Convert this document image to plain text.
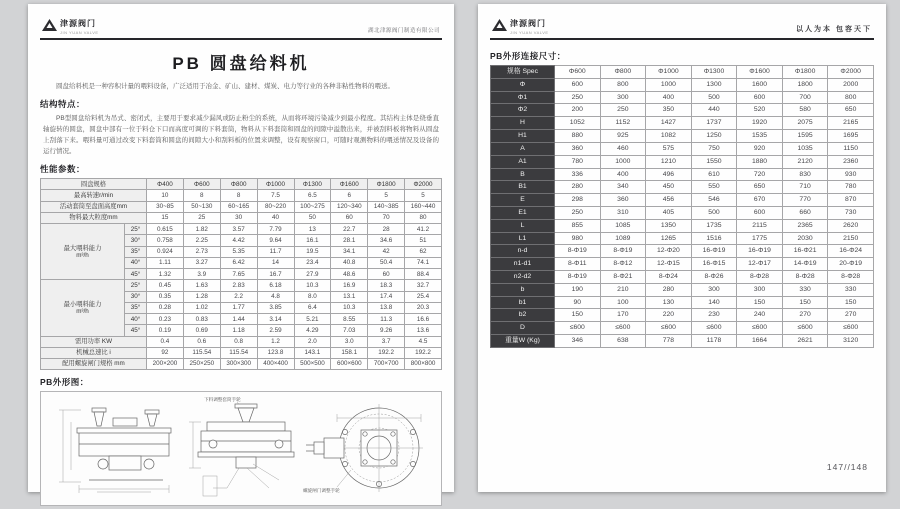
津源阀门
JIN YUAN VALVE	湖北津源阀门制造有限公司
PB 圆盘给料机
圆盘给料机是一种容积计量的喂料设备，广泛适用于冶金、矿山、建材、煤炭、电力等行业的各种非粘性物料的喂送。
结构特点：
PB型圆盘给料机为吊式、密闭式，主要用于要求减少漏风或防止粉尘的系统，从而将环境污染减少到最小程度。其结构主体是绕垂直轴旋转的圆盘，圆盘中部有一位于料仓下口而高度可调的下料套筒，物料从下料套筒和圆盘的间隙中溢散出来，并被刮料板将物料从圆盘上刮落下来。喂料量可通过改变下料套筒和圆盘的间隙大小和刮料板的位置来调整，设有观察窗口，可随时观测物料的喂送情况及设备的运行情况。
性能参数：
圆盘规格		Φ400	Φ600	Φ800	Φ1000	Φ1300	Φ1600	Φ1800	Φ2000
最高转速r/min		10	8	8	7.5	6.5	6	5	5
活动套筒至盘面高度mm		30~85	50~130	60~165	80~220	100~275	120~340	140~385	160~440
物料最大粒度mm		15	25	30	40	50	60	70	80

最大喂料能力
m³/h	25°	0.615	1.82	3.57	7.79	13	22.7	28	41.2
	30°	0.758	2.25	4.42	9.64	16.1	28.1	34.6	51
	35°	0.924	2.73	5.35	11.7	19.5	34.1	42	62
	40°	1.11	3.27	6.42	14	23.4	40.8	50.4	74.1
	45°	1.32	3.9	7.65	16.7	27.9	48.6	60	88.4

最小喂料能力
m³/h	25°	0.45	1.63	2.83	6.18	10.3	16.9	18.3	32.7
	30°	0.35	1.28	2.2	4.8	8.0	13.1	17.4	25.4
	35°	0.28	1.02	1.77	3.85	6.4	10.3	13.8	20.3
	40°	0.23	0.83	1.44	3.14	5.21	8.55	11.3	16.6
	45°	0.19	0.69	1.18	2.59	4.29	7.03	9.26	13.6
需用功率 KW		0.4	0.6	0.8	1.2	2.0	3.0	3.7	4.5
机械总速比 i		92	115.54	115.54	123.8	143.1	158.1	192.2	192.2
配用螺旋闸门规格 mm		200×200	250×250	300×300	400×400	500×500	600×600	700×700	800×800
PB外形图：
下料调整套筒手轮
螺旋闸门调整手轮
津源阀门
JIN YUAN VALVE	以人为本 包容天下
PB外形连接尺寸：
规格 Spec	Φ600	Φ800	Φ1000	Φ1300	Φ1600	Φ1800	Φ2000
Φ	600	800	1000	1300	1600	1800	2000
Φ1	250	300	400	500	600	700	800
Φ2	200	250	350	440	520	580	650
H	1052	1152	1427	1737	1920	2075	2165
H1	880	925	1082	1250	1535	1595	1695
A	360	460	575	750	920	1035	1150
A1	780	1000	1210	1550	1880	2120	2360
B	336	400	496	610	720	830	930
B1	280	340	450	550	650	710	780
E	298	360	456	546	670	770	870
E1	250	310	405	500	600	660	730
L	855	1085	1350	1735	2115	2365	2620
L1	980	1089	1265	1516	1775	2030	2150
n-d	8-Φ19	8-Φ19	12-Φ20	16-Φ19	16-Φ19	16-Φ21	16-Φ24
n1-d1	8-Φ11	8-Φ12	12-Φ15	16-Φ15	12-Φ17	14-Φ19	20-Φ19
n2-d2	8-Φ19	8-Φ21	8-Φ24	8-Φ26	8-Φ28	8-Φ28	8-Φ28
b	190	210	280	300	300	330	330
b1	90	100	130	140	150	150	150
b2	150	170	220	230	240	270	270
D	≤600	≤600	≤600	≤600	≤600	≤600	≤600
重量W (Kg)	346	638	778	1178	1664	2621	3120
147//148
